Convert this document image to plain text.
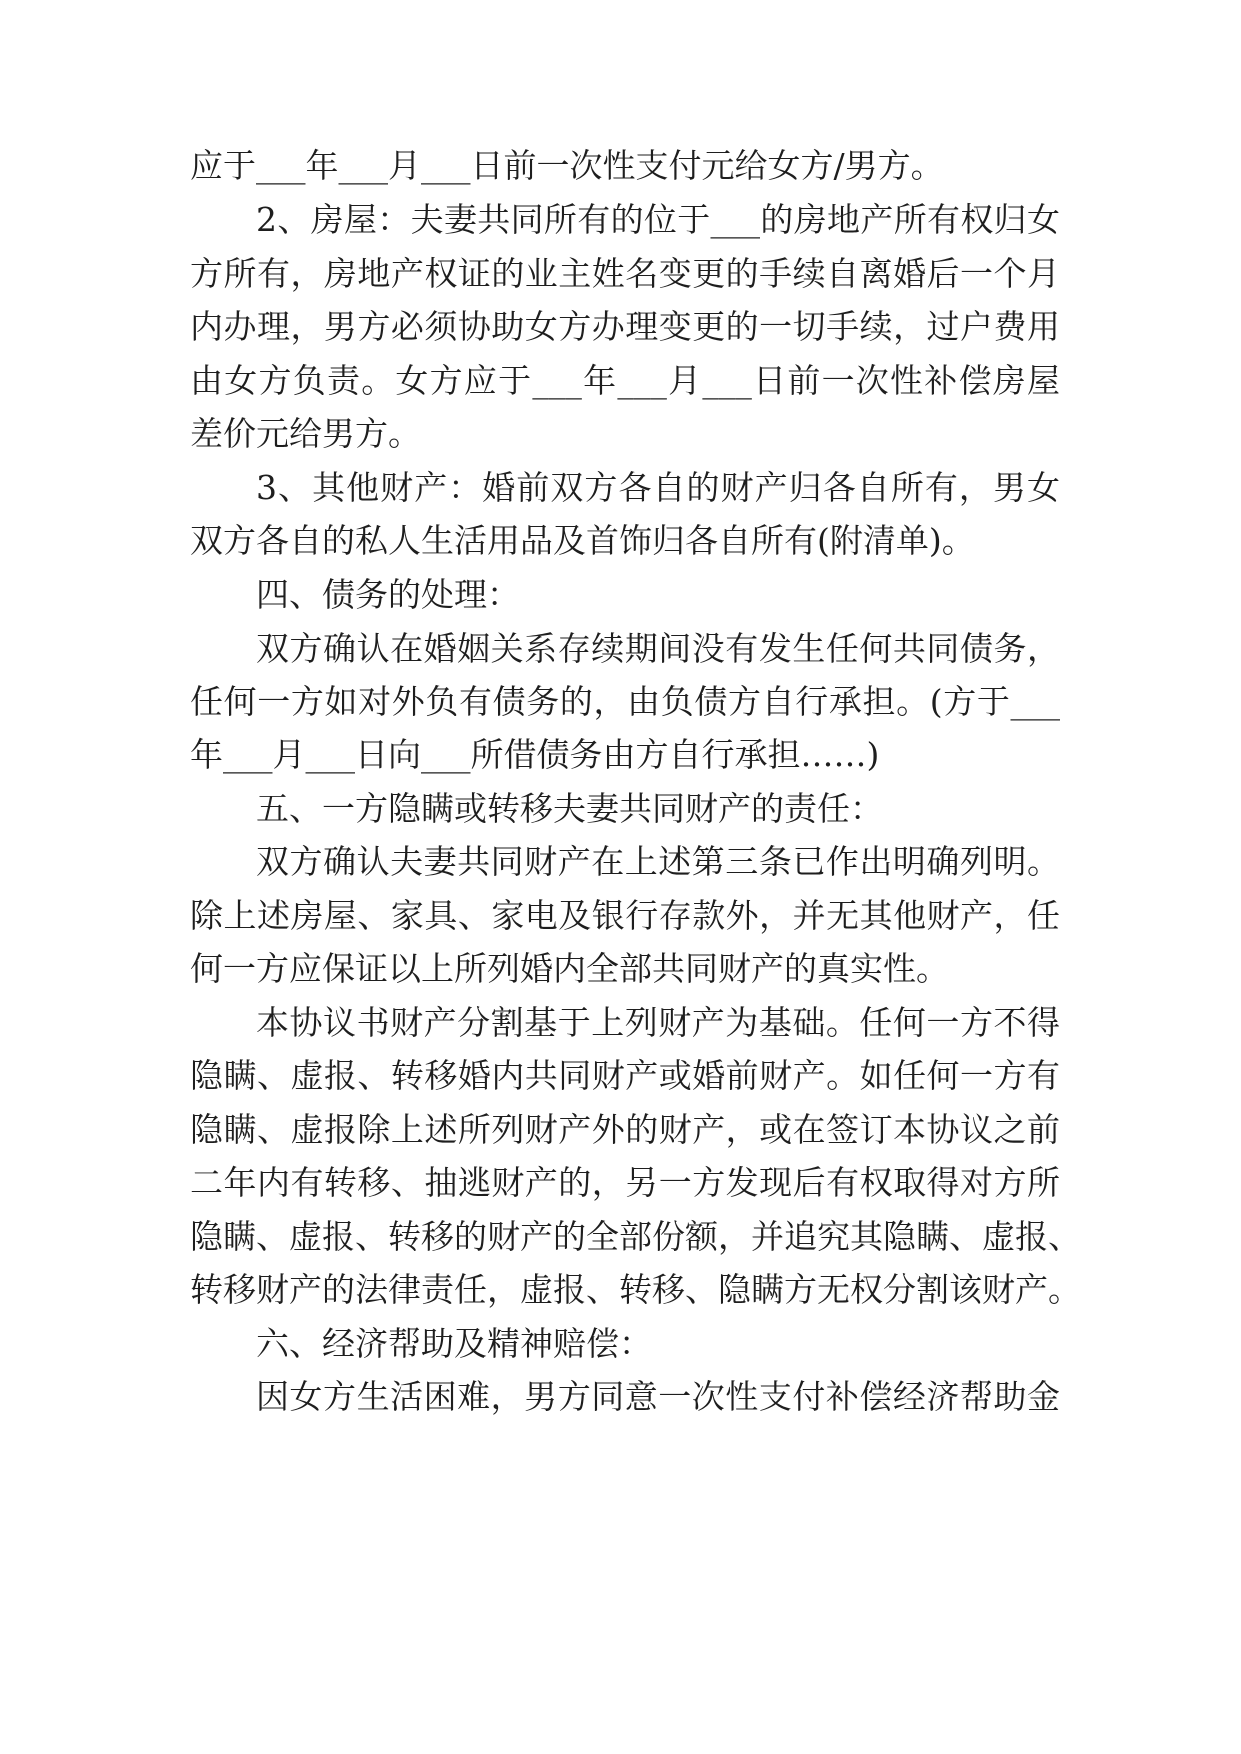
应于___年___月___日前一次性支付元给女方/男方。
2、房屋：夫妻共同所有的位于___的房地产所有权归女
方所有，房地产权证的业主姓名变更的手续自离婚后一个月
内办理，男方必须协助女方办理变更的一切手续，过户费用
由女方负责。女方应于___年___月___日前一次性补偿房屋
差价元给男方。
3、其他财产：婚前双方各自的财产归各自所有，男女
双方各自的私人生活用品及首饰归各自所有(附清单)。
四、债务的处理：
双方确认在婚姻关系存续期间没有发生任何共同债务，
任何一方如对外负有债务的，由负债方自行承担。(方于___
年___月___日向___所借债务由方自行承担……)
五、一方隐瞒或转移夫妻共同财产的责任：
双方确认夫妻共同财产在上述第三条已作出明确列明。
除上述房屋、家具、家电及银行存款外，并无其他财产，任
何一方应保证以上所列婚内全部共同财产的真实性。
本协议书财产分割基于上列财产为基础。任何一方不得
隐瞒、虚报、转移婚内共同财产或婚前财产。如任何一方有
隐瞒、虚报除上述所列财产外的财产，或在签订本协议之前
二年内有转移、抽逃财产的，另一方发现后有权取得对方所
隐瞒、虚报、转移的财产的全部份额，并追究其隐瞒、虚报、
转移财产的法律责任，虚报、转移、隐瞒方无权分割该财产。
六、经济帮助及精神赔偿：
因女方生活困难，男方同意一次性支付补偿经济帮助金
